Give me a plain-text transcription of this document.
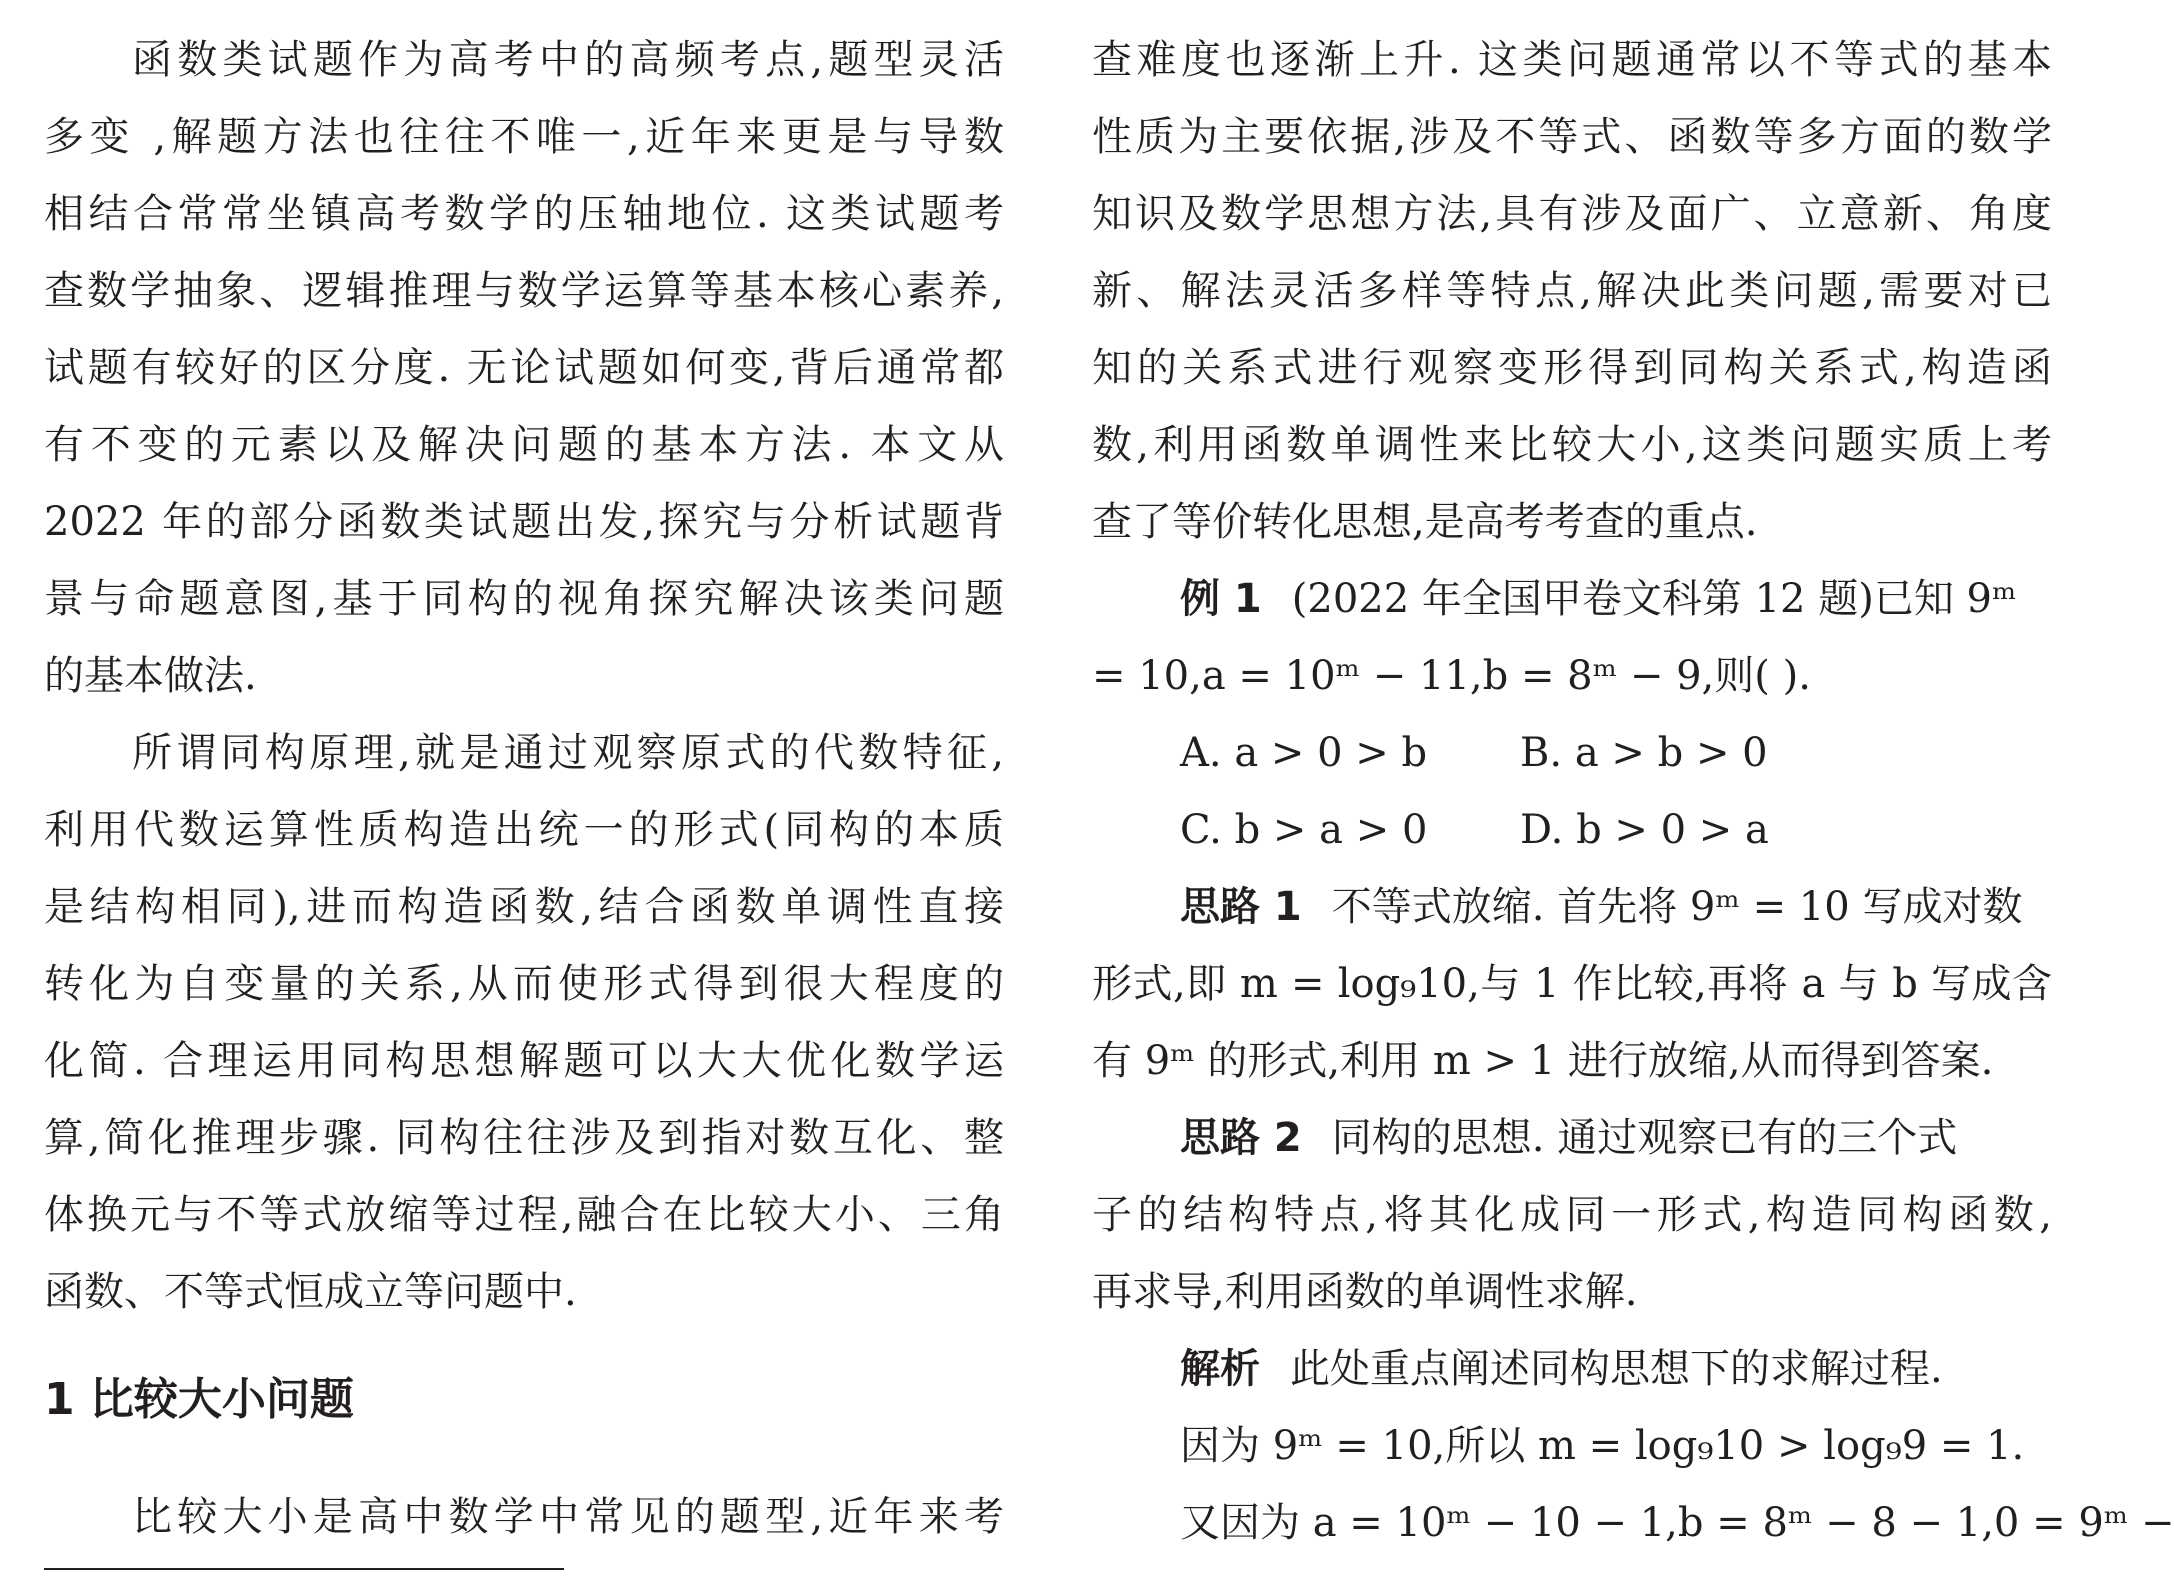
函数类试题作为高考中的高频考点,题型灵活
多变 ,解题方法也往往不唯一,近年来更是与导数
相结合常常坐镇高考数学的压轴地位. 这类试题考
查数学抽象、逻辑推理与数学运算等基本核心素养,
试题有较好的区分度. 无论试题如何变,背后通常都
有不变的元素以及解决问题的基本方法. 本文从
2022 年的部分函数类试题出发,探究与分析试题背
景与命题意图,基于同构的视角探究解决该类问题
的基本做法.
所谓同构原理,就是通过观察原式的代数特征,
利用代数运算性质构造出统一的形式(同构的本质
是结构相同),进而构造函数,结合函数单调性直接
转化为自变量的关系,从而使形式得到很大程度的
化简. 合理运用同构思想解题可以大大优化数学运
算,简化推理步骤. 同构往往涉及到指对数互化、整
体换元与不等式放缩等过程,融合在比较大小、三角
函数、不等式恒成立等问题中.
1 比较大小问题
比较大小是高中数学中常见的题型,近年来考
查难度也逐渐上升. 这类问题通常以不等式的基本
性质为主要依据,涉及不等式、函数等多方面的数学
知识及数学思想方法,具有涉及面广、立意新、角度
新、解法灵活多样等特点,解决此类问题,需要对已
知的关系式进行观察变形得到同构关系式,构造函
数,利用函数单调性来比较大小,这类问题实质上考
查了等价转化思想,是高考考查的重点.
例 1 (2022 年全国甲卷文科第 12 题)已知 9ᵐ
= 10,a = 10ᵐ − 11,b = 8ᵐ − 9,则( ).
A. a > 0 > b B. a > b > 0
C. b > a > 0 D. b > 0 > a
思路 1 不等式放缩. 首先将 9ᵐ = 10 写成对数
形式,即 m = log₉10,与 1 作比较,再将 a 与 b 写成含
有 9ᵐ 的形式,利用 m > 1 进行放缩,从而得到答案.
思路 2 同构的思想. 通过观察已有的三个式
子的结构特点,将其化成同一形式,构造同构函数,
再求导,利用函数的单调性求解.
解析 此处重点阐述同构思想下的求解过程.
因为 9ᵐ = 10,所以 m = log₉10 > log₉9 = 1.
又因为 a = 10ᵐ − 10 − 1,b = 8ᵐ − 8 − 1,0 = 9ᵐ −
